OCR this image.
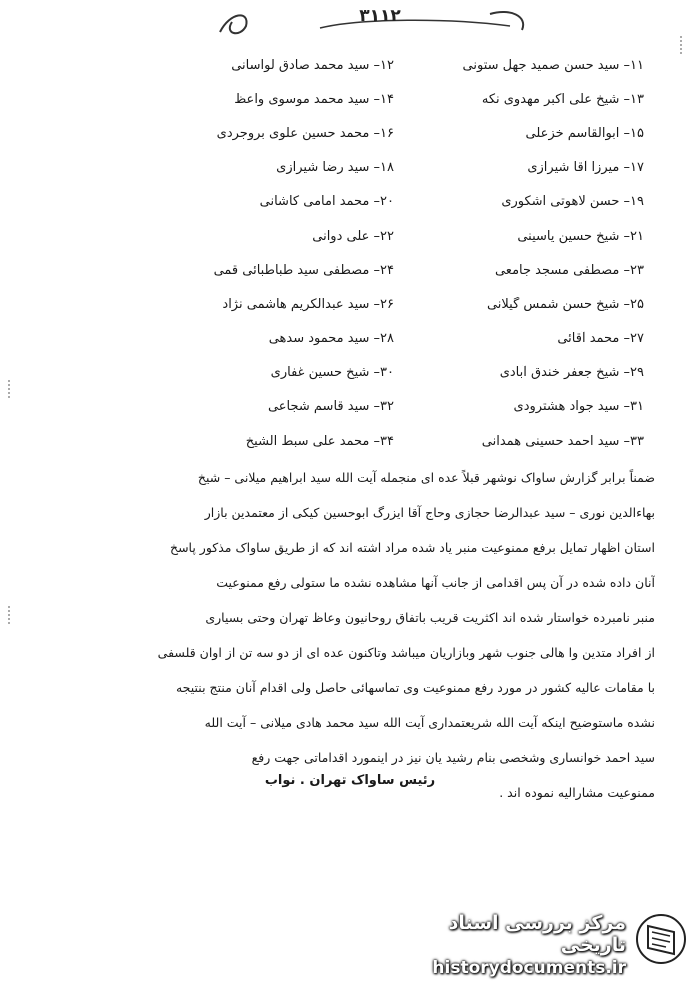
۳۱۱۲
۱۱– سید حسن صمید جهل ستونی
۱۲– سید محمد صادق لواسانی
۱۳– شیخ علی اکبر مهدوی نکه
۱۴– سید محمد موسوی واعظ
۱۵– ابوالقاسم خزعلی
۱۶– محمد حسین علوی بروجردی
۱۷– میرزا آقا شیرازی
۱۸– سید رضا شیرازی
۱۹– حسن لاهوتی اشکوری
۲۰– محمد امامی کاشانی
۲۱– شیخ حسین یاسینی
۲۲– علی دوانی
۲۳– مصطفی مسجد جامعی
۲۴– مصطفی سید طباطبائی قمی
۲۵– شیخ حسن شمس گیلانی
۲۶– سید عبدالکریم هاشمی نژاد
۲۷– محمد آقائی
۲۸– سید محمود سدهی
۲۹– شیخ جعفر خندق آبادی
۳۰– شیخ حسین غفاری
۳۱– سید جواد هشترودی
۳۲– سید قاسم شجاعی
۳۳– سید احمد حسینی همدانی
۳۴– محمد علی سبط الشیخ
ضمناً برابر گزارش ساواک نوشهر قبلاً عده ای منجمله آیت الله سید ابراهیم میلانی – شیخ
بهاءالدین نوری – سید عبدالرضا حجازی وحاج آقا ایزرگ ابوحسین کیکی از معتمدین بازار
استان اظهار تمایل برفع ممنوعیت منبر یاد شده مراد اشته اند که از طریق ساواک مذکور پاسخ
آنان داده شده در آن پس اقدامی از جانب آنها مشاهده نشده ما ستولی رفع ممنوعیت
منبر نامبرده خواستار شده اند اکثریت قریب باتفاق روحانیون وعاظ تهران وحتی بسیاری
از افراد متدین وا هالی جنوب شهر وبازاریان میباشد وتاکنون عده ای از دو سه تن از اوان قلسفی
با مقامات عالیه کشور در مورد رفع ممنوعیت وی تماسهائی حاصل ولی اقدام آنان منتج بنتیجه
نشده ماستوضیح اینکه آیت الله شریعتمداری آیت الله سید محمد هادی میلانی – آیت الله
سید احمد خوانساری وشخصی بنام رشید یان نیز در اینمورد اقداماتی جهت رفع
ممنوعیت مشارالیه نموده اند .
رئیس ساواک تهران . نواب
مرکز بررسی اسناد تاریخی
historydocuments.ir
